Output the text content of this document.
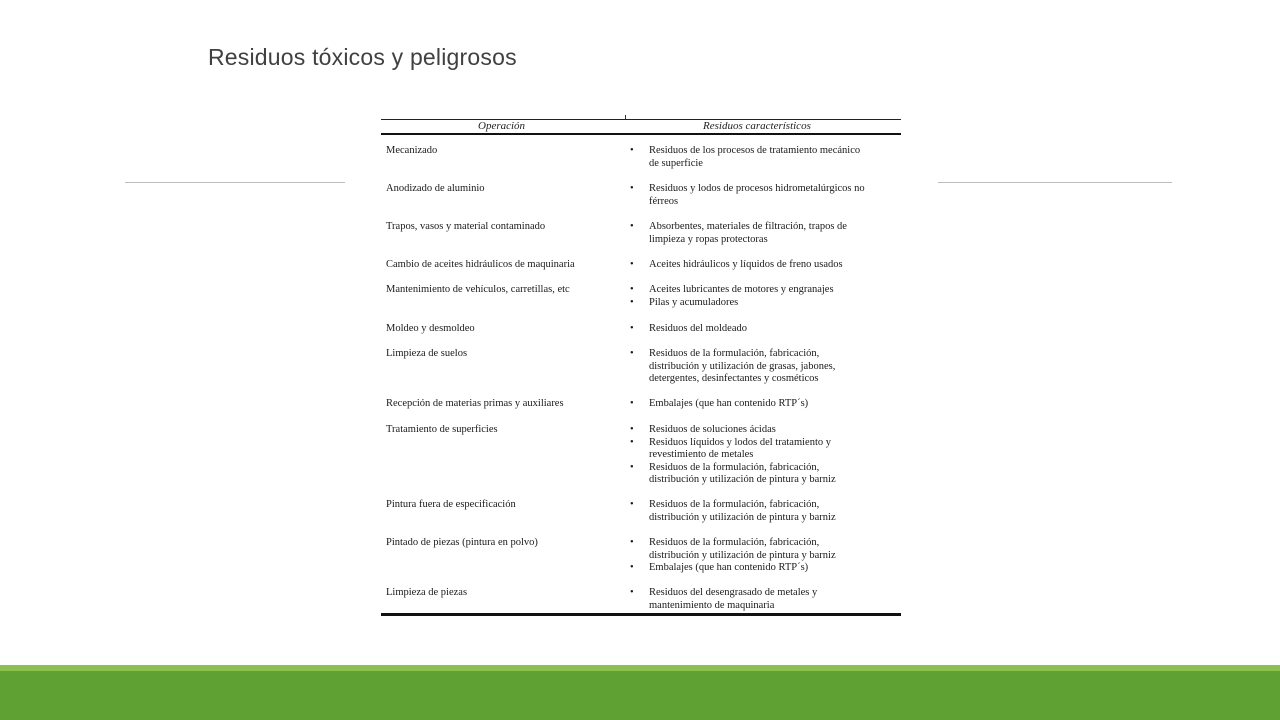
Residuos tóxicos y peligrosos
Operación	Residuos característicos
Mecanizado	• Residuos de los procesos de tratamiento mecánico
de superficie
Anodizado de aluminio	• Residuos y lodos de procesos hidrometalúrgicos no
férreos
Trapos, vasos y material contaminado	• Absorbentes, materiales de filtración, trapos de
limpieza y ropas protectoras
Cambio de aceites hidráulicos de maquinaria	• Aceites hidráulicos y líquidos de freno usados
Mantenimiento de vehículos, carretillas, etc	• Aceites lubricantes de motores y engranajes
• Pilas y acumuladores
Moldeo y desmoldeo	• Residuos del moldeado
Limpieza de suelos	• Residuos de la formulación, fabricación,
distribución y utilización de grasas, jabones,
detergentes, desinfectantes y cosméticos
Recepción de materias primas y auxiliares	• Embalajes (que han contenido RTP´s)
Tratamiento de superficies	• Residuos de soluciones ácidas
• Residuos líquidos y lodos del tratamiento y
revestimiento de metales
• Residuos de la formulación, fabricación,
distribución y utilización de pintura y barniz
Pintura fuera de especificación	• Residuos de la formulación, fabricación,
distribución y utilización de pintura y barniz
Pintado de piezas (pintura en polvo)	• Residuos de la formulación, fabricación,
distribución y utilización de pintura y barniz
• Embalajes (que han contenido RTP´s)
Limpieza de piezas	• Residuos del desengrasado de metales y
mantenimiento de maquinaria
